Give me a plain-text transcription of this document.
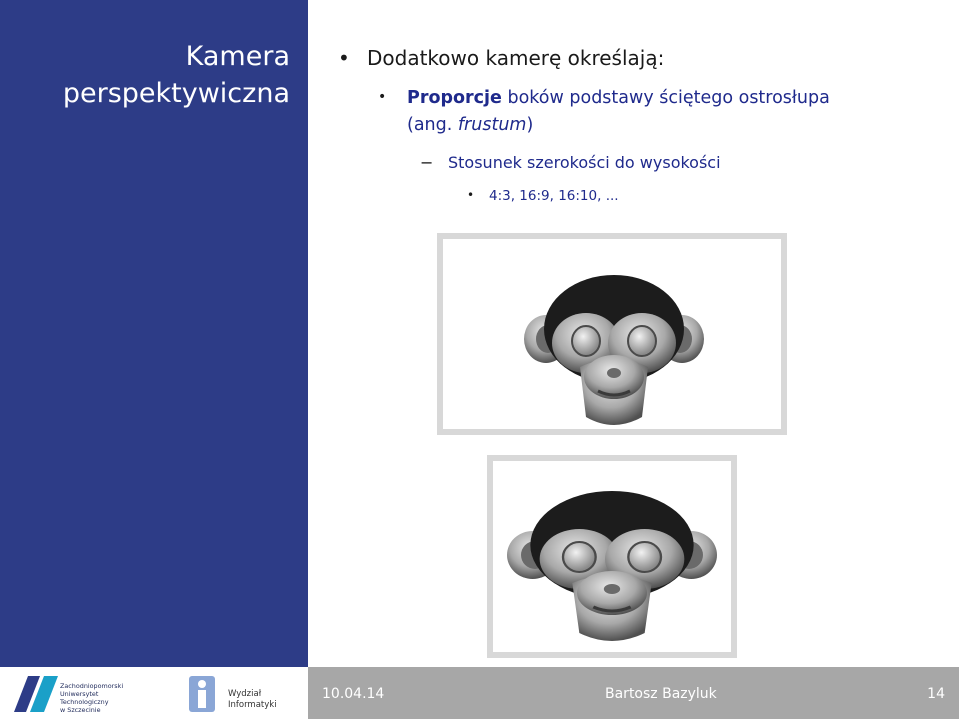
Kamera
perspektywiczna
Zachodniopomorski
Uniwersytet
Technologiczny
w Szczecinie
Wydział
Informatyki
10.04.14	Bartosz Bazyluk	14
• Dodatkowo kamerę określają:
• Proporcje boków podstawy ściętego ostrosłupa
(ang. frustum)
− Stosunek szerokości do wysokości
• 4:3, 16:9, 16:10, ...
